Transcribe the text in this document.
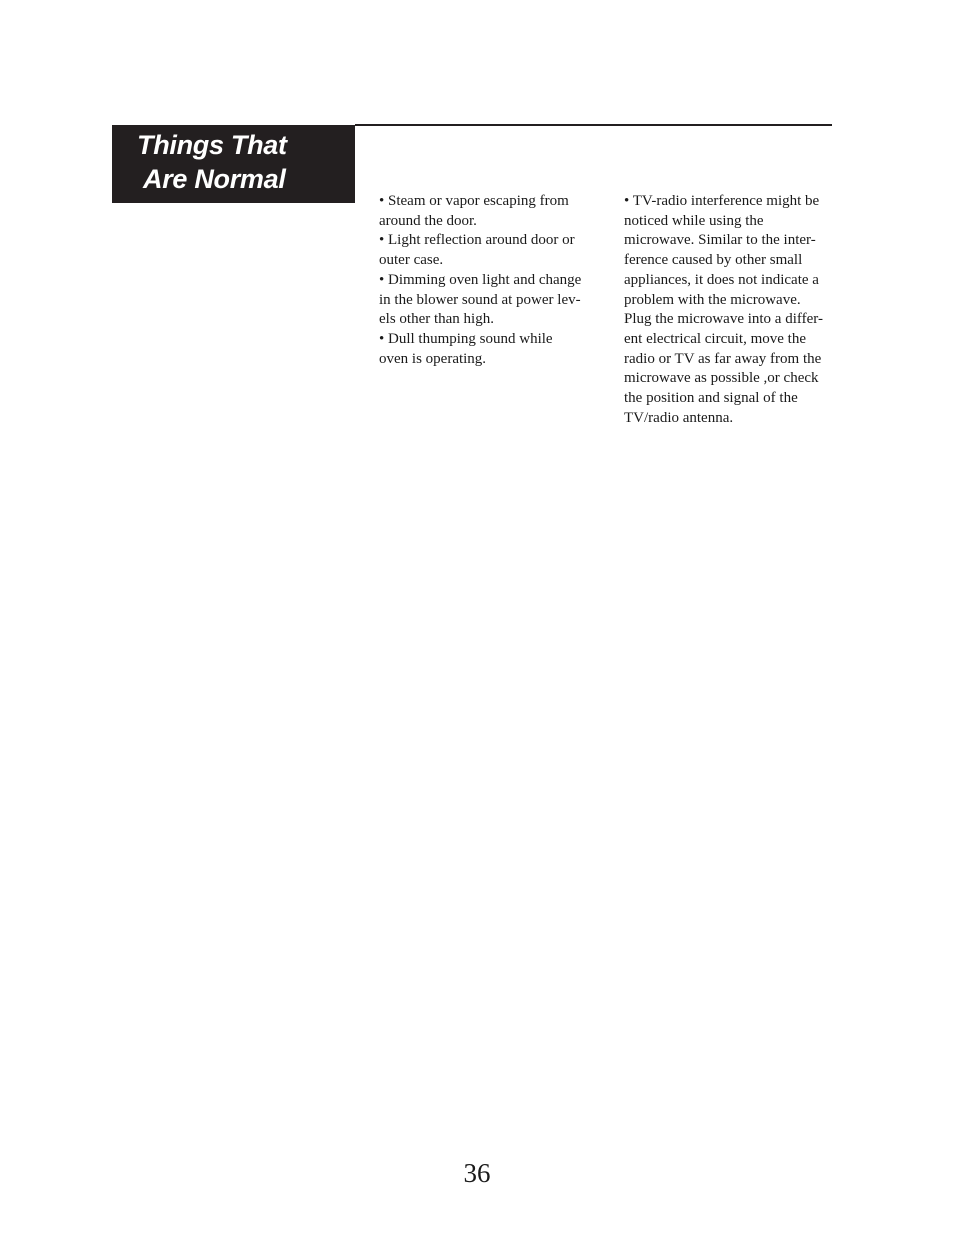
Things That
Are Normal
• Steam or vapor escaping from
around the door.
• Light reflection around door or
outer case.
• Dimming oven light and change
in the blower sound at power lev-
els other than high.
• Dull thumping sound while
oven is operating.
• TV-radio interference might be
noticed while using the
microwave. Similar to the inter-
ference caused by other small
appliances, it does not indicate a
problem with the microwave.
Plug the microwave into a differ-
ent electrical circuit, move the
radio or TV as far away from the
microwave as possible ,or check
the position and signal of the
TV/radio antenna.
36
